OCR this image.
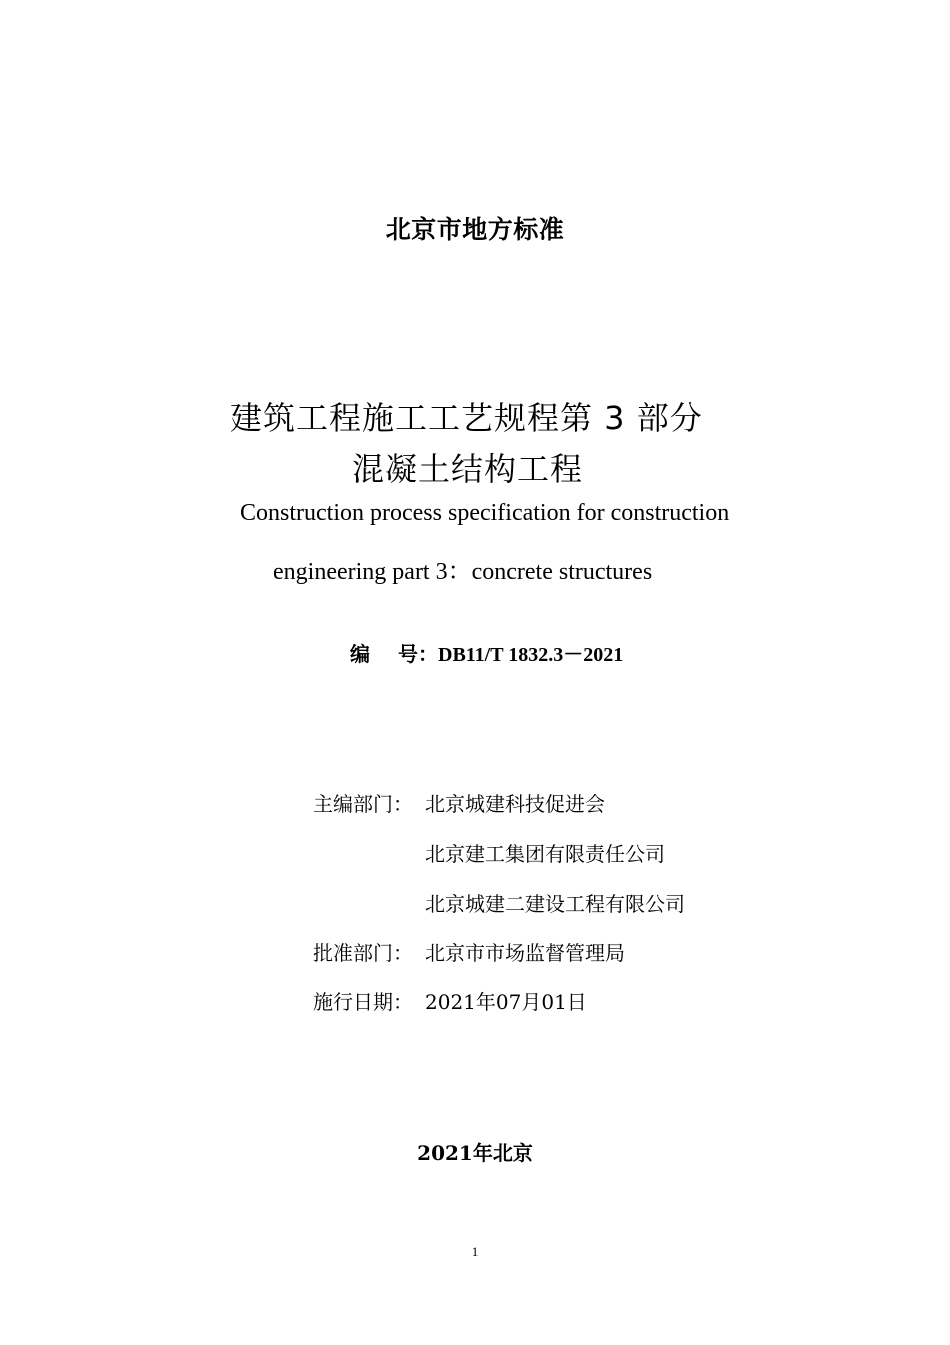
北京市地方标准
建筑工程施工工艺规程第 3 部分
混凝土结构工程
Construction process specification for construction
engineering part 3：concrete structures
编 号：DB11/T 1832.3－2021
主编部门： 北京城建科技促进会
北京建工集团有限责任公司
北京城建二建设工程有限公司
批准部门： 北京市市场监督管理局
施行日期： 2021年07月01日
2021年北京
1
